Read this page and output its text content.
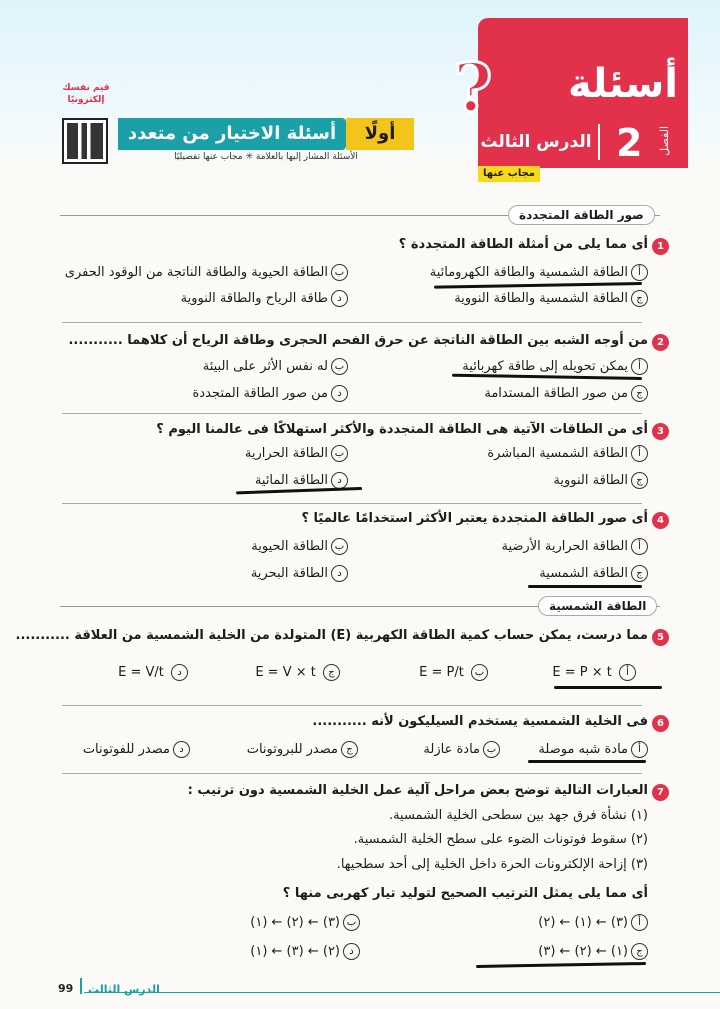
?	أسئلة
2 الفصل
الدرس الثالث
مجاب عنها
أسئلة الاختيار من متعدد	أولًا
الأسئلة المشار إليها بالعلامة ✳ مجاب عنها تفصيليًا
قيم نفسك إلكترونيًا
صور الطاقة المتجددة
1
أى مما يلى من أمثلة الطاقة المتجددة ؟
أالطاقة الشمسية والطاقة الكهرومائية
بالطاقة الحيوية والطاقة الناتجة من الوقود الحفرى
جالطاقة الشمسية والطاقة النووية
دطاقة الرياح والطاقة النووية
2
من أوجه الشبه بين الطاقة الناتجة عن حرق الفحم الحجرى وطاقة الرياح أن كلاهما ...........
أيمكن تحويله إلى طاقة كهربائية
بله نفس الأثر على البيئة
جمن صور الطاقة المستدامة
دمن صور الطاقة المتجددة
3
أى من الطاقات الآتية هى الطاقة المتجددة والأكثر استهلاكًا فى عالمنا اليوم ؟
أالطاقة الشمسية المباشرة
بالطاقة الحرارية
جالطاقة النووية
دالطاقة المائية
4
أى صور الطاقة المتجددة يعتبر الأكثر استخدامًا عالميًا ؟
أالطاقة الحرارية الأرضية
بالطاقة الحيوية
جالطاقة الشمسية
دالطاقة البحرية
الطاقة الشمسية
5
مما درست، يمكن حساب كمية الطاقة الكهربية (E) المتولدة من الخلية الشمسية من العلاقة ...........
E = P × t أ
E = P/t ب
E = V × t ج
E = V/t د
6
فى الخلية الشمسية يستخدم السيليكون لأنه ...........
أمادة شبه موصلة
بمادة عازلة
جمصدر للبروتونات
دمصدر للفوتونات
7
العبارات التالية توضح بعض مراحل آلية عمل الخلية الشمسية دون ترتيب :
(١) نشأة فرق جهد بين سطحى الخلية الشمسية.
(٢) سقوط فوتونات الضوء على سطح الخلية الشمسية.
(٣) إزاحة الإلكترونات الحرة داخل الخلية إلى أحد سطحيها.
أى مما يلى يمثل الترتيب الصحيح لتوليد تيار كهربى منها ؟
أ(٣) ← (١) ← (٢)
ب(٣) ← (٢) ← (١)
ج(١) ← (٢) ← (٣)
د(٢) ← (٣) ← (١)
99 الدرس الثالث
